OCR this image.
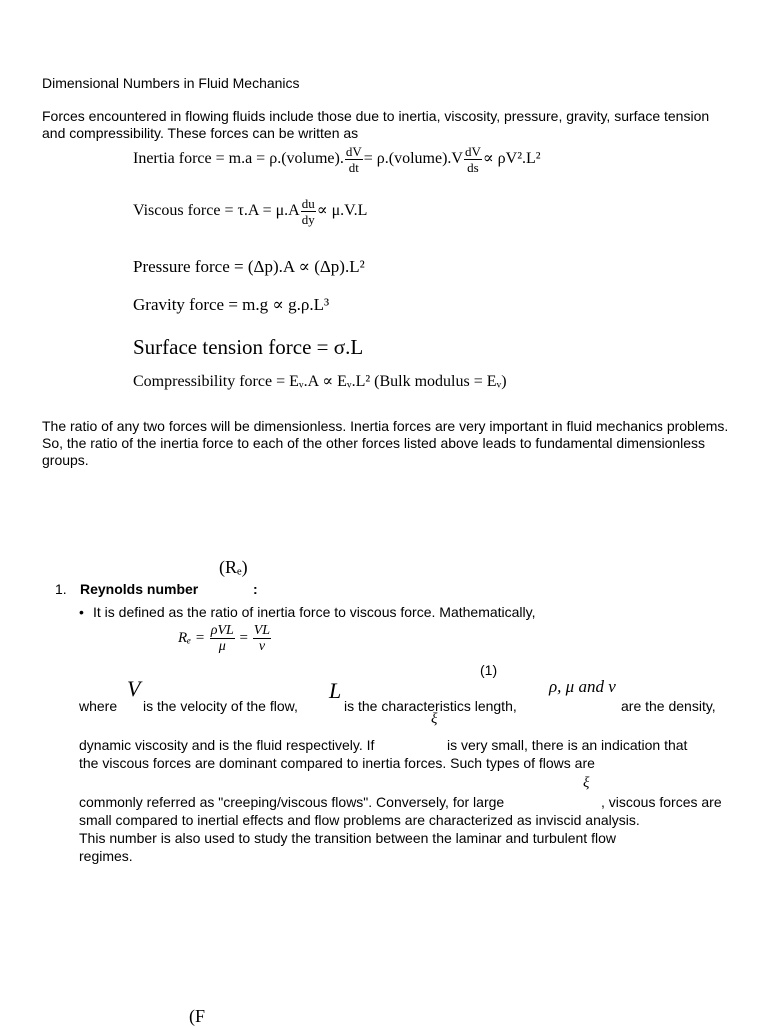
Dimensional Numbers in Fluid Mechanics

Forces encountered in flowing fluids include those due to inertia, viscosity, pressure, gravity, surface tension and compressibility. These forces can be written as

Inertia force = m.a = ρ.(volume). $\frac{dV}{dt}$ = ρ.(volume).V $\frac{dV}{ds} \propto \rho V^2.L^2$
Viscous force = $\tau.A = \mu.A \frac{du}{dy} \propto \mu.V.L$
Pressure force = (Δp).A ∝ (Δp).L²
Gravity force = m.g ∝ g.ρ.L³
Surface tension force = σ.L
Compressibility force = Eᵥ.A ∝ Eᵥ.L² (Bulk modulus = Eᵥ)

The ratio of any two forces will be dimensionless. Inertia forces are very important in fluid mechanics problems. So, the ratio of the inertia force to each of the other forces listed above leads to fundamental dimensionless groups.

(Rₑ)
1. Reynolds number	:
• It is defined as the ratio of inertia force to viscous force. Mathematically,

$R_e = \frac{\text{ρVL}}{\mu} = \frac{VL}{\nu}$
(1)
V	L	ρ, μ and ν
where is the velocity of the flow,	is the characteristics length,	are the density,
ξ
dynamic viscosity and is the fluid respectively. If	is very small, there is an indication that

the viscous forces are dominant compared to inertia forces. Such types of flows are

ξ
commonly referred as "creeping/viscous flows". Conversely, for large	, viscous forces are

small compared to inertial effects and flow problems are characterized as inviscid analysis.

This number is also used to study the transition between the laminar and turbulent flow

regimes.

(F
